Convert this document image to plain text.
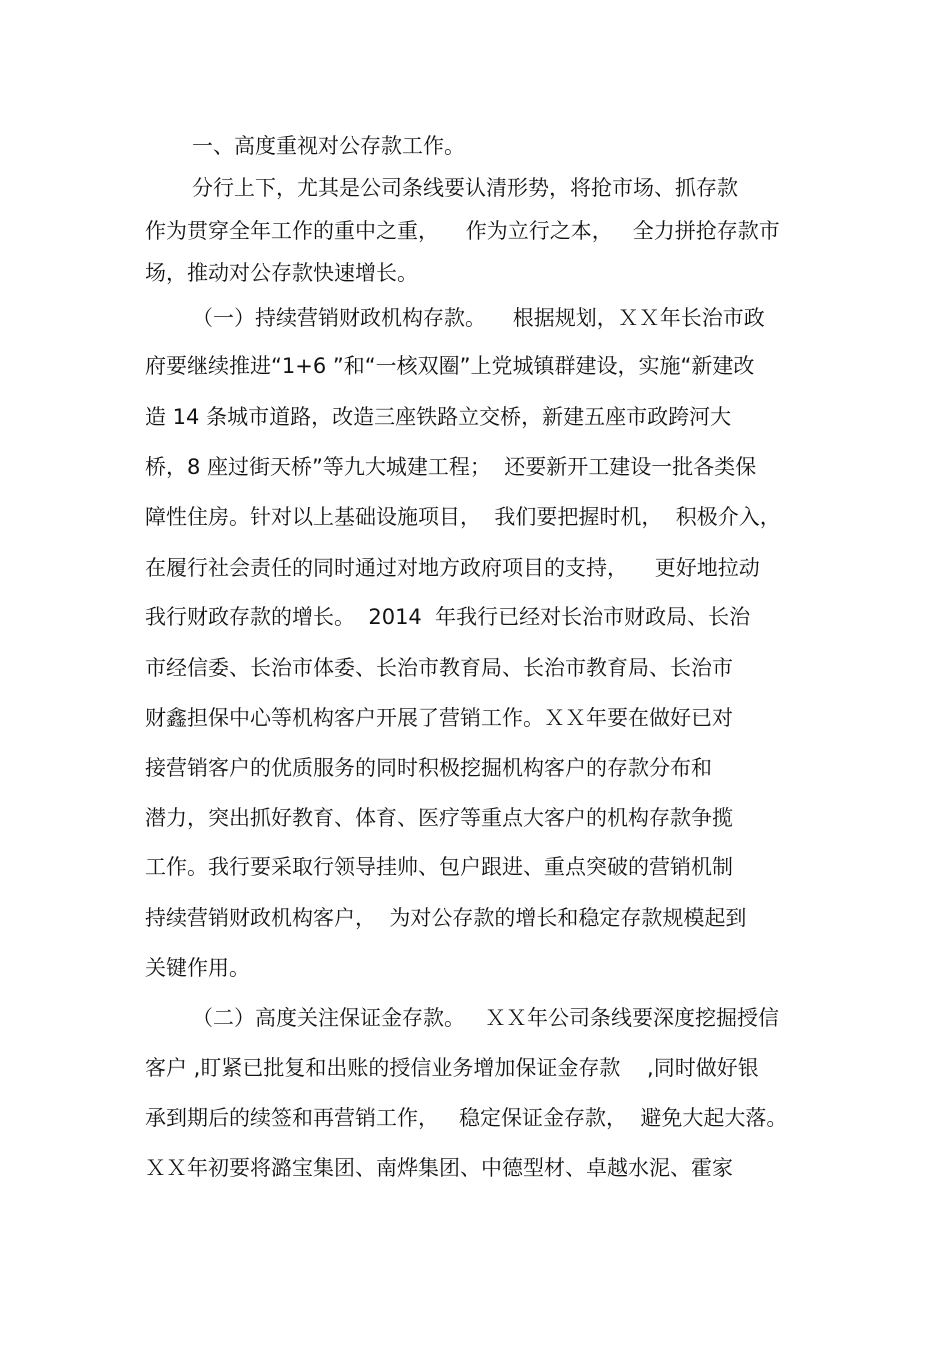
一、高度重视对公存款工作。
分行上下，尤其是公司条线要认清形势，将抢市场、抓存款
作为贯穿全年工作的重中之重，    作为立行之本，   全力拼抢存款市
场，推动对公存款快速增长。
（一）持续营销财政机构存款。    根据规划，ＸＸ年长治市政
府要继续推进“1+6 ”和“一核双圈”上党城镇群建设，实施“新建改
造 14 条城市道路，改造三座铁路立交桥，新建五座市政跨河大
桥，8 座过街天桥”等九大城建工程；  还要新开工建设一批各类保
障性住房。针对以上基础设施项目，  我们要把握时机，  积极介入，
在履行社会责任的同时通过对地方政府项目的支持，    更好地拉动
我行财政存款的增长。  2014  年我行已经对长治市财政局、长治
市经信委、长治市体委、长治市教育局、长治市教育局、长治市
财鑫担保中心等机构客户开展了营销工作。ＸＸ年要在做好已对
接营销客户的优质服务的同时积极挖掘机构客户的存款分布和
潜力，突出抓好教育、体育、医疗等重点大客户的机构存款争揽
工作。我行要采取行领导挂帅、包户跟进、重点突破的营销机制
持续营销财政机构客户，  为对公存款的增长和稳定存款规模起到
关键作用。
（二）高度关注保证金存款。   ＸＸ年公司条线要深度挖掘授信
客户 ,盯紧已批复和出账的授信业务增加保证金存款    ,同时做好银
承到期后的续签和再营销工作，   稳定保证金存款，  避免大起大落。
ＸＸ年初要将潞宝集团、南烨集团、中德型材、卓越水泥、霍家
